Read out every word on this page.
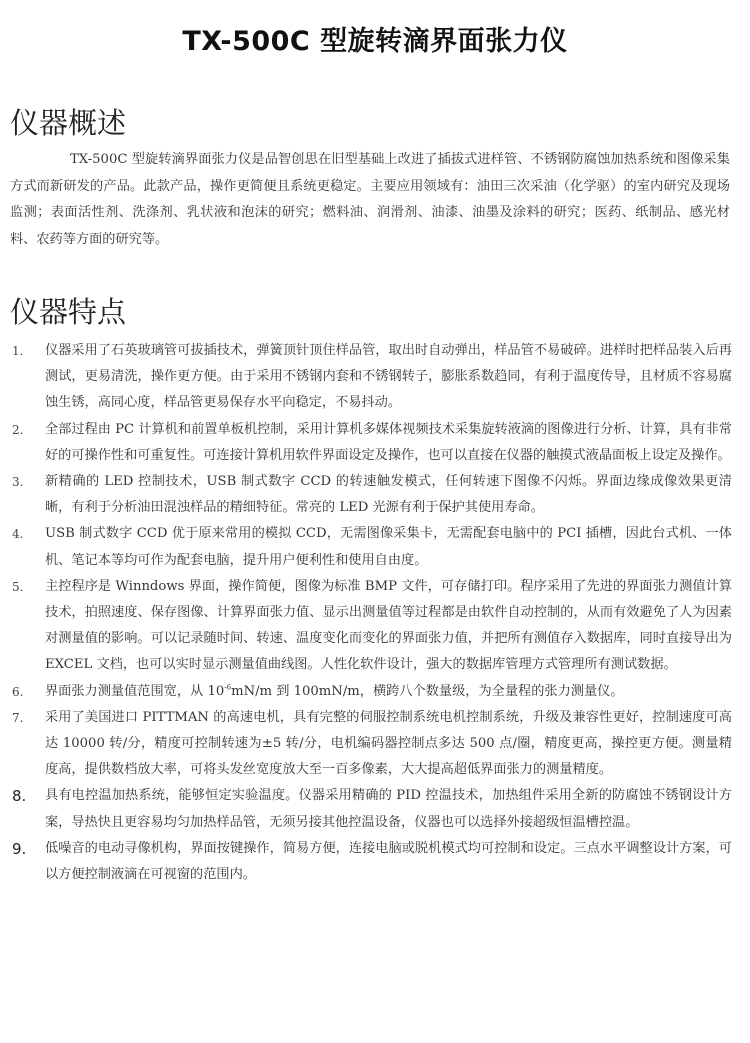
TX-500C 型旋转滴界面张力仪
仪器概述

TX-500C 型旋转滴界面张力仪是品智创思在旧型基础上改进了插拔式进样管、不锈钢防腐蚀加热系统和图像采集方式而新研发的产品。此款产品，操作更简便且系统更稳定。主要应用领域有：油田三次采油（化学驱）的室内研究及现场监测；表面活性剂、洗涤剂、乳状液和泡沫的研究；燃料油、润滑剂、油漆、油墨及涂料的研究；医药、纸制品、感光材料、农药等方面的研究等。

仪器特点
1. 仪器采用了石英玻璃管可拔插技术，弹簧顶针顶住样品管，取出时自动弹出，样品管不易破碎。进样时把样品装入后再测试，更易清洗，操作更方便。由于采用不锈钢内套和不锈钢转子，膨胀系数趋同，有利于温度传导，且材质不容易腐蚀生锈，高同心度，样品管更易保存水平向稳定，不易抖动。
2. 全部过程由 PC 计算机和前置单板机控制，采用计算机多媒体视频技术采集旋转液滴的图像进行分析、计算，具有非常好的可操作性和可重复性。可连接计算机用软件界面设定及操作，也可以直接在仪器的触摸式液晶面板上设定及操作。
3. 新精确的 LED 控制技术，USB 制式数字 CCD 的转速触发模式，任何转速下图像不闪烁。界面边缘成像效果更清晰，有利于分析油田混浊样品的精细特征。常亮的 LED 光源有利于保护其使用寿命。
4. USB 制式数字 CCD 优于原来常用的模拟 CCD，无需图像采集卡，无需配套电脑中的 PCI 插槽，因此台式机、一体机、笔记本等均可作为配套电脑，提升用户便利性和使用自由度。
5. 主控程序是 Winndows 界面，操作简便，图像为标准 BMP 文件，可存储打印。程序采用了先进的界面张力测值计算技术，拍照速度、保存图像、计算界面张力值、显示出测量值等过程都是由软件自动控制的，从而有效避免了人为因素对测量值的影响。可以记录随时间、转速、温度变化而变化的界面张力值，并把所有测值存入数据库，同时直接导出为 EXCEL 文档，也可以实时显示测量值曲线图。人性化软件设计，强大的数据库管理方式管理所有测试数据。
6. 界面张力测量值范围宽，从 $10^{-6}mN/m$ 到 100mN/m，横跨八个数量级，为全量程的张力测量仪。
7. 采用了美国进口 PITTMAN 的高速电机，具有完整的伺服控制系统电机控制系统，升级及兼容性更好，控制速度可高达 10000 转/分，精度可控制转速为±5 转/分，电机编码器控制点多达 500 点/圈，精度更高，操控更方便。测量精度高，提供数档放大率，可将头发丝宽度放大至一百多像素，大大提高超低界面张力的测量精度。
8. 具有电控温加热系统，能够恒定实验温度。仪器采用精确的 PID 控温技术，加热组件采用全新的防腐蚀不锈钢设计方案，导热快且更容易均匀加热样品管，无须另接其他控温设备，仪器也可以选择外接超级恒温槽控温。
9. 低噪音的电动寻像机构，界面按键操作，简易方便，连接电脑或脱机模式均可控制和设定。三点水平调整设计方案，可以方便控制液滴在可视窗的范围内。
